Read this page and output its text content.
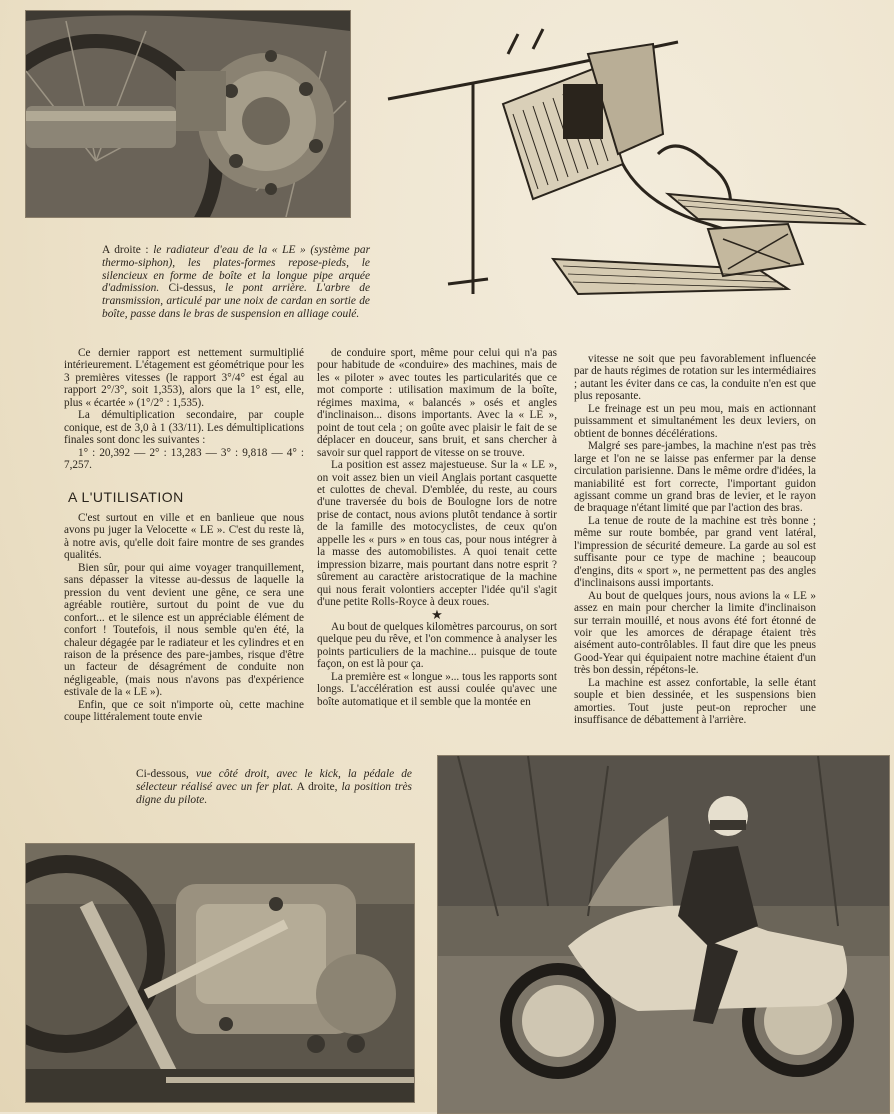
A droite : le radiateur d'eau de la « LE » (système par thermo-siphon), les plates-formes repose-pieds, le silencieux en forme de boîte et la longue pipe arquée d'admission. Ci-dessus, le pont arrière. L'arbre de transmission, articulé par une noix de cardan en sortie de boîte, passe dans le bras de suspension en alliage coulé.

Ce dernier rapport est nettement surmultiplié intérieurement. L'étagement est géométrique pour les 3 premières vitesses (le rapport 3°/4° est égal au rapport 2°/3°, soit 1,353), alors que la 1° est, elle, plus « écartée » (1°/2° : 1,535).

La démultiplication secondaire, par couple conique, est de 3,0 à 1 (33/11). Les démultiplications finales sont donc les suivantes :

1° : 20,392 — 2° : 13,283 — 3° : 9,818 — 4° : 7,257.

A L'UTILISATION

C'est surtout en ville et en banlieue que nous avons pu juger la Velocette « LE ». C'est du reste là, à notre avis, qu'elle doit faire montre de ses grandes qualités.

Bien sûr, pour qui aime voyager tranquillement, sans dépasser la vitesse au-dessus de laquelle la pression du vent devient une gêne, ce sera une agréable routière, surtout du point de vue du confort... et le silence est un appréciable élément de confort ! Toutefois, il nous semble qu'en été, la chaleur dégagée par le radiateur et les cylindres et en raison de la présence des pare-jambes, risque d'être un facteur de désagrément de conduite non négligeable, (mais nous n'avons pas d'expérience estivale de la « LE »).

Enfin, que ce soit n'importe où, cette machine coupe littéralement toute envie

de conduire sport, même pour celui qui n'a pas pour habitude de «conduire» des machines, mais de les « piloter » avec toutes les particularités que ce mot comporte : utilisation maximum de la boîte, régimes maxima, « balancés » osés et angles d'inclinaison... disons importants. Avec la « LE », point de tout cela ; on goûte avec plaisir le fait de se déplacer en douceur, sans bruit, et sans chercher à savoir sur quel rapport de vitesse on se trouve.

La position est assez majestueuse. Sur la « LE », on voit assez bien un vieil Anglais portant casquette et culottes de cheval. D'emblée, du reste, au cours d'une traversée du bois de Boulogne lors de notre prise de contact, nous avions plutôt tendance à sortir de la famille des motocyclistes, de ceux qu'on appelle les « purs » en tous cas, pour nous intégrer à la masse des automobilistes. A quoi tenait cette impression bizarre, mais pourtant dans notre esprit ? sûrement au caractère aristocratique de la machine qui nous ferait volontiers accepter l'idée qu'il s'agit d'une petite Rolls-Royce à deux roues.

★

Au bout de quelques kilomètres parcourus, on sort quelque peu du rêve, et l'on commence à analyser les points particuliers de la machine... puisque de toute façon, on est là pour ça.

La première est « longue »... tous les rapports sont longs. L'accélération est aussi coulée qu'avec une boîte automatique et il semble que la montée en

vitesse ne soit que peu favorablement influencée par de hauts régimes de rotation sur les intermédiaires ; autant les éviter dans ce cas, la conduite n'en est que plus reposante.

Le freinage est un peu mou, mais en actionnant puissamment et simultanément les deux leviers, on obtient de bonnes décélérations.

Malgré ses pare-jambes, la machine n'est pas très large et l'on ne se laisse pas enfermer par la dense circulation parisienne. Dans le même ordre d'idées, la maniabilité est fort correcte, l'important guidon agissant comme un grand bras de levier, et le rayon de braquage n'étant limité que par l'action des bras.

La tenue de route de la machine est très bonne ; même sur route bombée, par grand vent latéral, l'impression de sécurité demeure. La garde au sol est suffisante pour ce type de machine ; beaucoup d'engins, dits « sport », ne permettent pas des angles d'inclinaisons aussi importants.

Au bout de quelques jours, nous avions la « LE » assez en main pour chercher la limite d'inclinaison sur terrain mouillé, et nous avons été fort étonné de voir que les amorces de dérapage étaient très aisément auto-contrôlables. Il faut dire que les pneus Good-Year qui équipaient notre machine étaient d'un très bon dessin, répétons-le.

La machine est assez confortable, la selle étant souple et bien dessinée, et les suspensions bien amorties. Tout juste peut-on reprocher une insuffisance de débattement à l'arrière.

Ci-dessous, vue côté droit, avec le kick, la pédale de sélecteur réalisé avec un fer plat. A droite, la position très digne du pilote.
